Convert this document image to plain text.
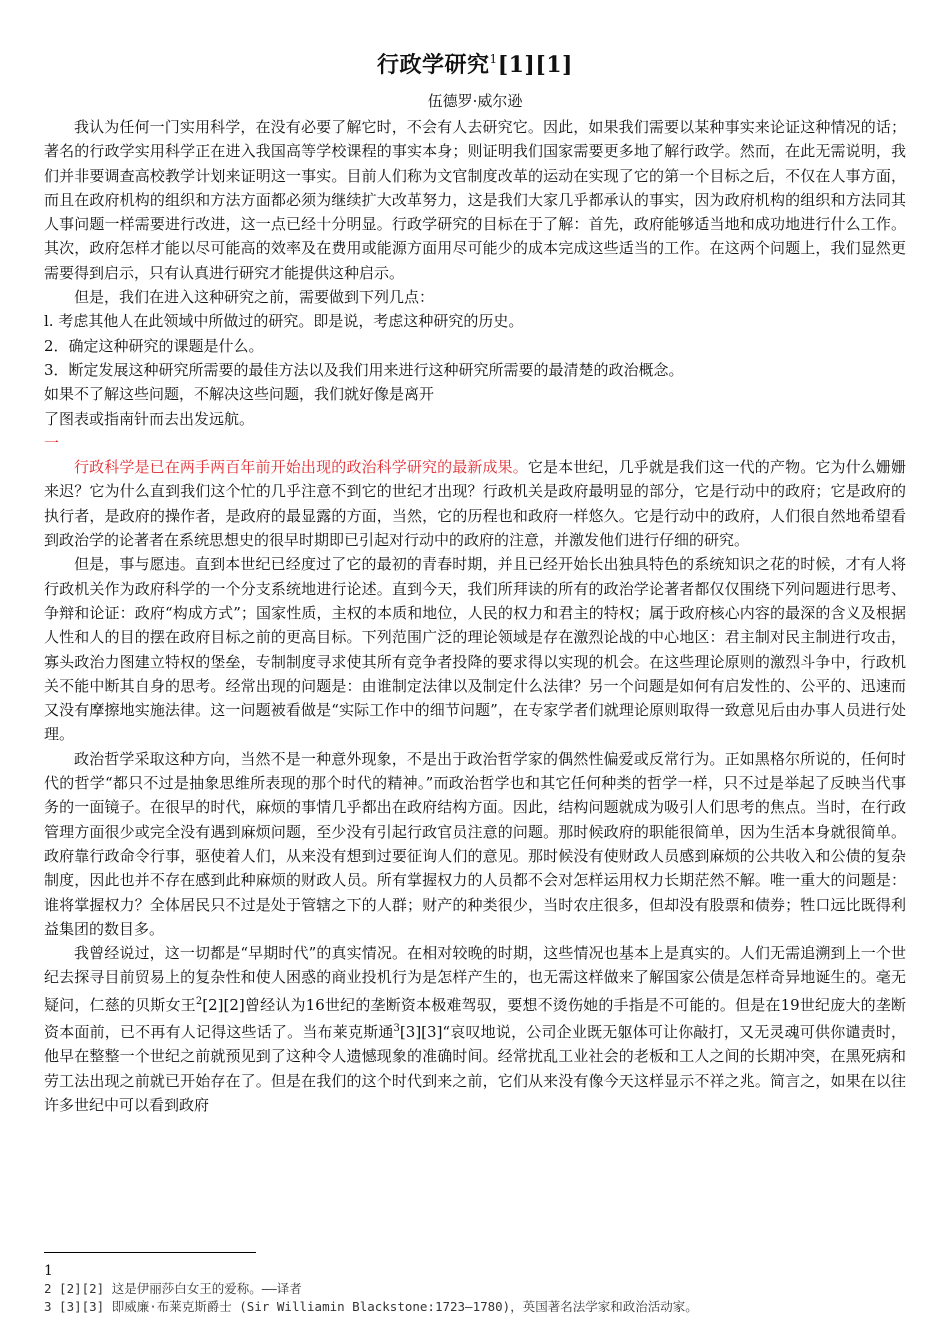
行政学研究$^1$[1][1]
伍德罗·威尔逊

我认为任何一门实用科学，在没有必要了解它时，不会有人去研究它。因此，如果我们需要以某种事实来论证这种情况的话；著名的行政学实用科学正在进入我国高等学校课程的事实本身；则证明我们国家需要更多地了解行政学。然而，在此无需说明，我们并非要调查高校教学计划来证明这一事实。目前人们称为文官制度改革的运动在实现了它的第一个目标之后，不仅在人事方面，而且在政府机构的组织和方法方面都必须为继续扩大改革努力，这是我们大家几乎都承认的事实，因为政府机构的组织和方法同其人事问题一样需要进行改进，这一点已经十分明显。行政学研究的目标在于了解：首先，政府能够适当地和成功地进行什么工作。其次，政府怎样才能以尽可能高的效率及在费用或能源方面用尽可能少的成本完成这些适当的工作。在这两个问题上，我们显然更需要得到启示，只有认真进行研究才能提供这种启示。

但是，我们在进入这种研究之前，需要做到下列几点：

l. 考虑其他人在此领域中所做过的研究。即是说，考虑这种研究的历史。

2．确定这种研究的课题是什么。

3．断定发展这种研究所需要的最佳方法以及我们用来进行这种研究所需要的最清楚的政治概念。

如果不了解这些问题，不解决这些问题，我们就好像是离开

了图表或指南针而去出发远航。

一

行政科学是已在两手两百年前开始出现的政治科学研究的最新成果。它是本世纪，几乎就是我们这一代的产物。它为什么姗姗来迟？它为什么直到我们这个忙的几乎注意不到它的世纪才出现？行政机关是政府最明显的部分，它是行动中的政府；它是政府的执行者，是政府的操作者，是政府的最显露的方面，当然，它的历程也和政府一样悠久。它是行动中的政府，人们很自然地希望看到政治学的论著者在系统思想史的很早时期即已引起对行动中的政府的注意，并激发他们进行仔细的研究。

但是，事与愿违。直到本世纪已经度过了它的最初的青春时期，并且已经开始长出独具特色的系统知识之花的时候，才有人将行政机关作为政府科学的一个分支系统地进行论述。直到今天，我们所拜读的所有的政治学论著者都仅仅围绕下列问题进行思考、争辩和论证：政府“构成方式”；国家性质，主权的本质和地位，人民的权力和君主的特权；属于政府核心内容的最深的含义及根据人性和人的目的摆在政府目标之前的更高目标。下列范围广泛的理论领域是存在激烈论战的中心地区：君主制对民主制进行攻击，寡头政治力图建立特权的堡垒，专制制度寻求使其所有竞争者投降的要求得以实现的机会。在这些理论原则的激烈斗争中，行政机关不能中断其自身的思考。经常出现的问题是：由谁制定法律以及制定什么法律？另一个问题是如何有启发性的、公平的、迅速而又没有摩擦地实施法律。这一问题被看做是“实际工作中的细节问题”，在专家学者们就理论原则取得一致意见后由办事人员进行处理。

政治哲学采取这种方向，当然不是一种意外现象，不是出于政治哲学家的偶然性偏爱或反常行为。正如黑格尔所说的，任何时代的哲学“都只不过是抽象思维所表现的那个时代的精神。”而政治哲学也和其它任何种类的哲学一样，只不过是举起了反映当代事务的一面镜子。在很早的时代，麻烦的事情几乎都出在政府结构方面。因此，结构问题就成为吸引人们思考的焦点。当时，在行政管理方面很少或完全没有遇到麻烦问题，至少没有引起行政官员注意的问题。那时候政府的职能很简单，因为生活本身就很简单。政府靠行政命令行事，驱使着人们，从来没有想到过要征询人们的意见。那时候没有使财政人员感到麻烦的公共收入和公债的复杂制度，因此也并不存在感到此种麻烦的财政人员。所有掌握权力的人员都不会对怎样运用权力长期茫然不解。唯一重大的问题是：谁将掌握权力？全体居民只不过是处于管辖之下的人群；财产的种类很少，当时农庄很多，但却没有股票和债券；牲口远比既得利益集团的数目多。

我曾经说过，这一切都是“早期时代”的真实情况。在相对较晚的时期，这些情况也基本上是真实的。人们无需追溯到上一个世纪去探寻目前贸易上的复杂性和使人困惑的商业投机行为是怎样产生的，也无需这样做来了解国家公债是怎样奇异地诞生的。毫无疑问，仁慈的贝斯女王$^2$[2][2]曾经认为16世纪的垄断资本极难驾驭，要想不烫伤她的手指是不可能的。但是在19世纪庞大的垄断资本面前，已不再有人记得这些话了。当布莱克斯通$^3$[3][3]“哀叹地说，公司企业既无躯体可让你敲打，又无灵魂可供你谴责时，他早在整整一个世纪之前就预见到了这种令人遗憾现象的准确时间。经常扰乱工业社会的老板和工人之间的长期冲突，在黑死病和劳工法出现之前就已开始存在了。但是在我们的这个时代到来之前，它们从来没有像今天这样显示不祥之兆。简言之，如果在以往许多世纪中可以看到政府

1
2 [2][2] 这是伊丽莎白女王的爱称。——译者
3 [3][3] 即威廉·布莱克斯爵士 (Sir Williamin Blackstone:1723—1780)，英国著名法学家和政治活动家。
